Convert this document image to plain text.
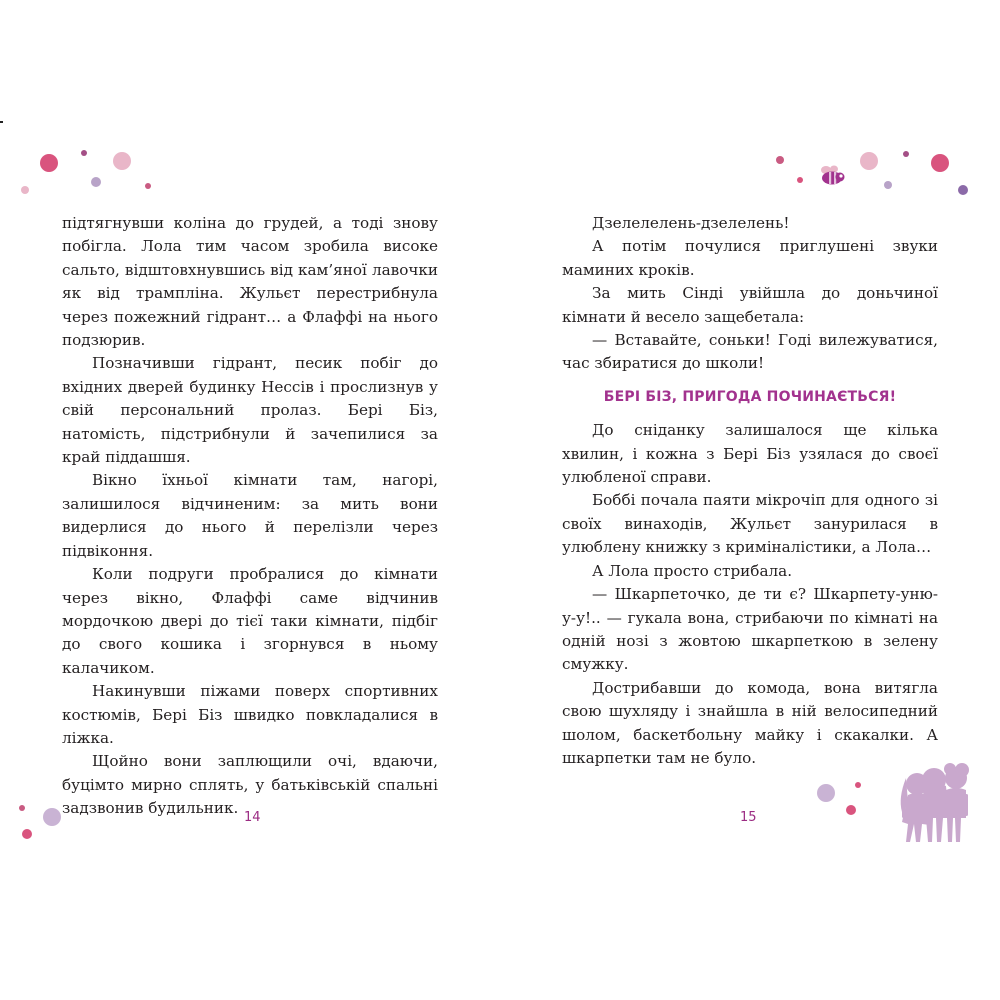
підтягнувши коліна до грудей, а тоді знову побігла. Лола тим часом зробила високе сальто, відштовхнувшись від кам’яної лавочки як від трампліна. Жульєт перестрибнула через пожежний гідрант… а Флаффі на нього подзюрив.

Позначивши гідрант, песик побіг до вхідних дверей будинку Нессів і прослизнув у свій персональний пролаз. Бері Біз, натомість, підстрибнули й зачепилися за край піддашшя.

Вікно їхньої кімнати там, нагорі, залишилося відчиненим: за мить вони видерлися до нього й перелізли через підвіконня.

Коли подруги пробралися до кімнати через вікно, Флаффі саме відчинив мордочкою двері до тієї таки кімнати, підбіг до свого кошика і згорнувся в ньому калачиком.

Накинувши піжами поверх спортивних костюмів, Бері Біз швидко повкладалися в ліжка.

Щойно вони заплющили очі, вдаючи, буцімто мирно сплять, у батьківській спальні задзвонив будильник.

14	15

Дзелелелень-дзелелень!

А потім почулися приглушені звуки маминих кроків.

За мить Сінді увійшла до доньчиної кімнати й весело защебетала:

— Вставайте, соньки! Годі вилежуватися, час збиратися до школи!

БЕРІ БІЗ, ПРИГОДА ПОЧИНАЄТЬСЯ!

До сніданку залишалося ще кілька хвилин, і кожна з Бері Біз узялася до своєї улюбленої справи.

Боббі почала паяти мікрочіп для одного зі своїх винаходів, Жульєт занурилася в улюблену книжку з криміналістики, а Лола…

А Лола просто стрибала.

— Шкарпеточко, де ти є? Шкарпету-уню-у-у!.. — гукала вона, стрибаючи по кімнаті на одній нозі з жовтою шкарпеткою в зелену смужку.

Дострибавши до комода, вона витягла свою шухляду і знайшла в ній велосипедний шолом, баскетбольну майку і скакалки. А шкарпетки там не було.
